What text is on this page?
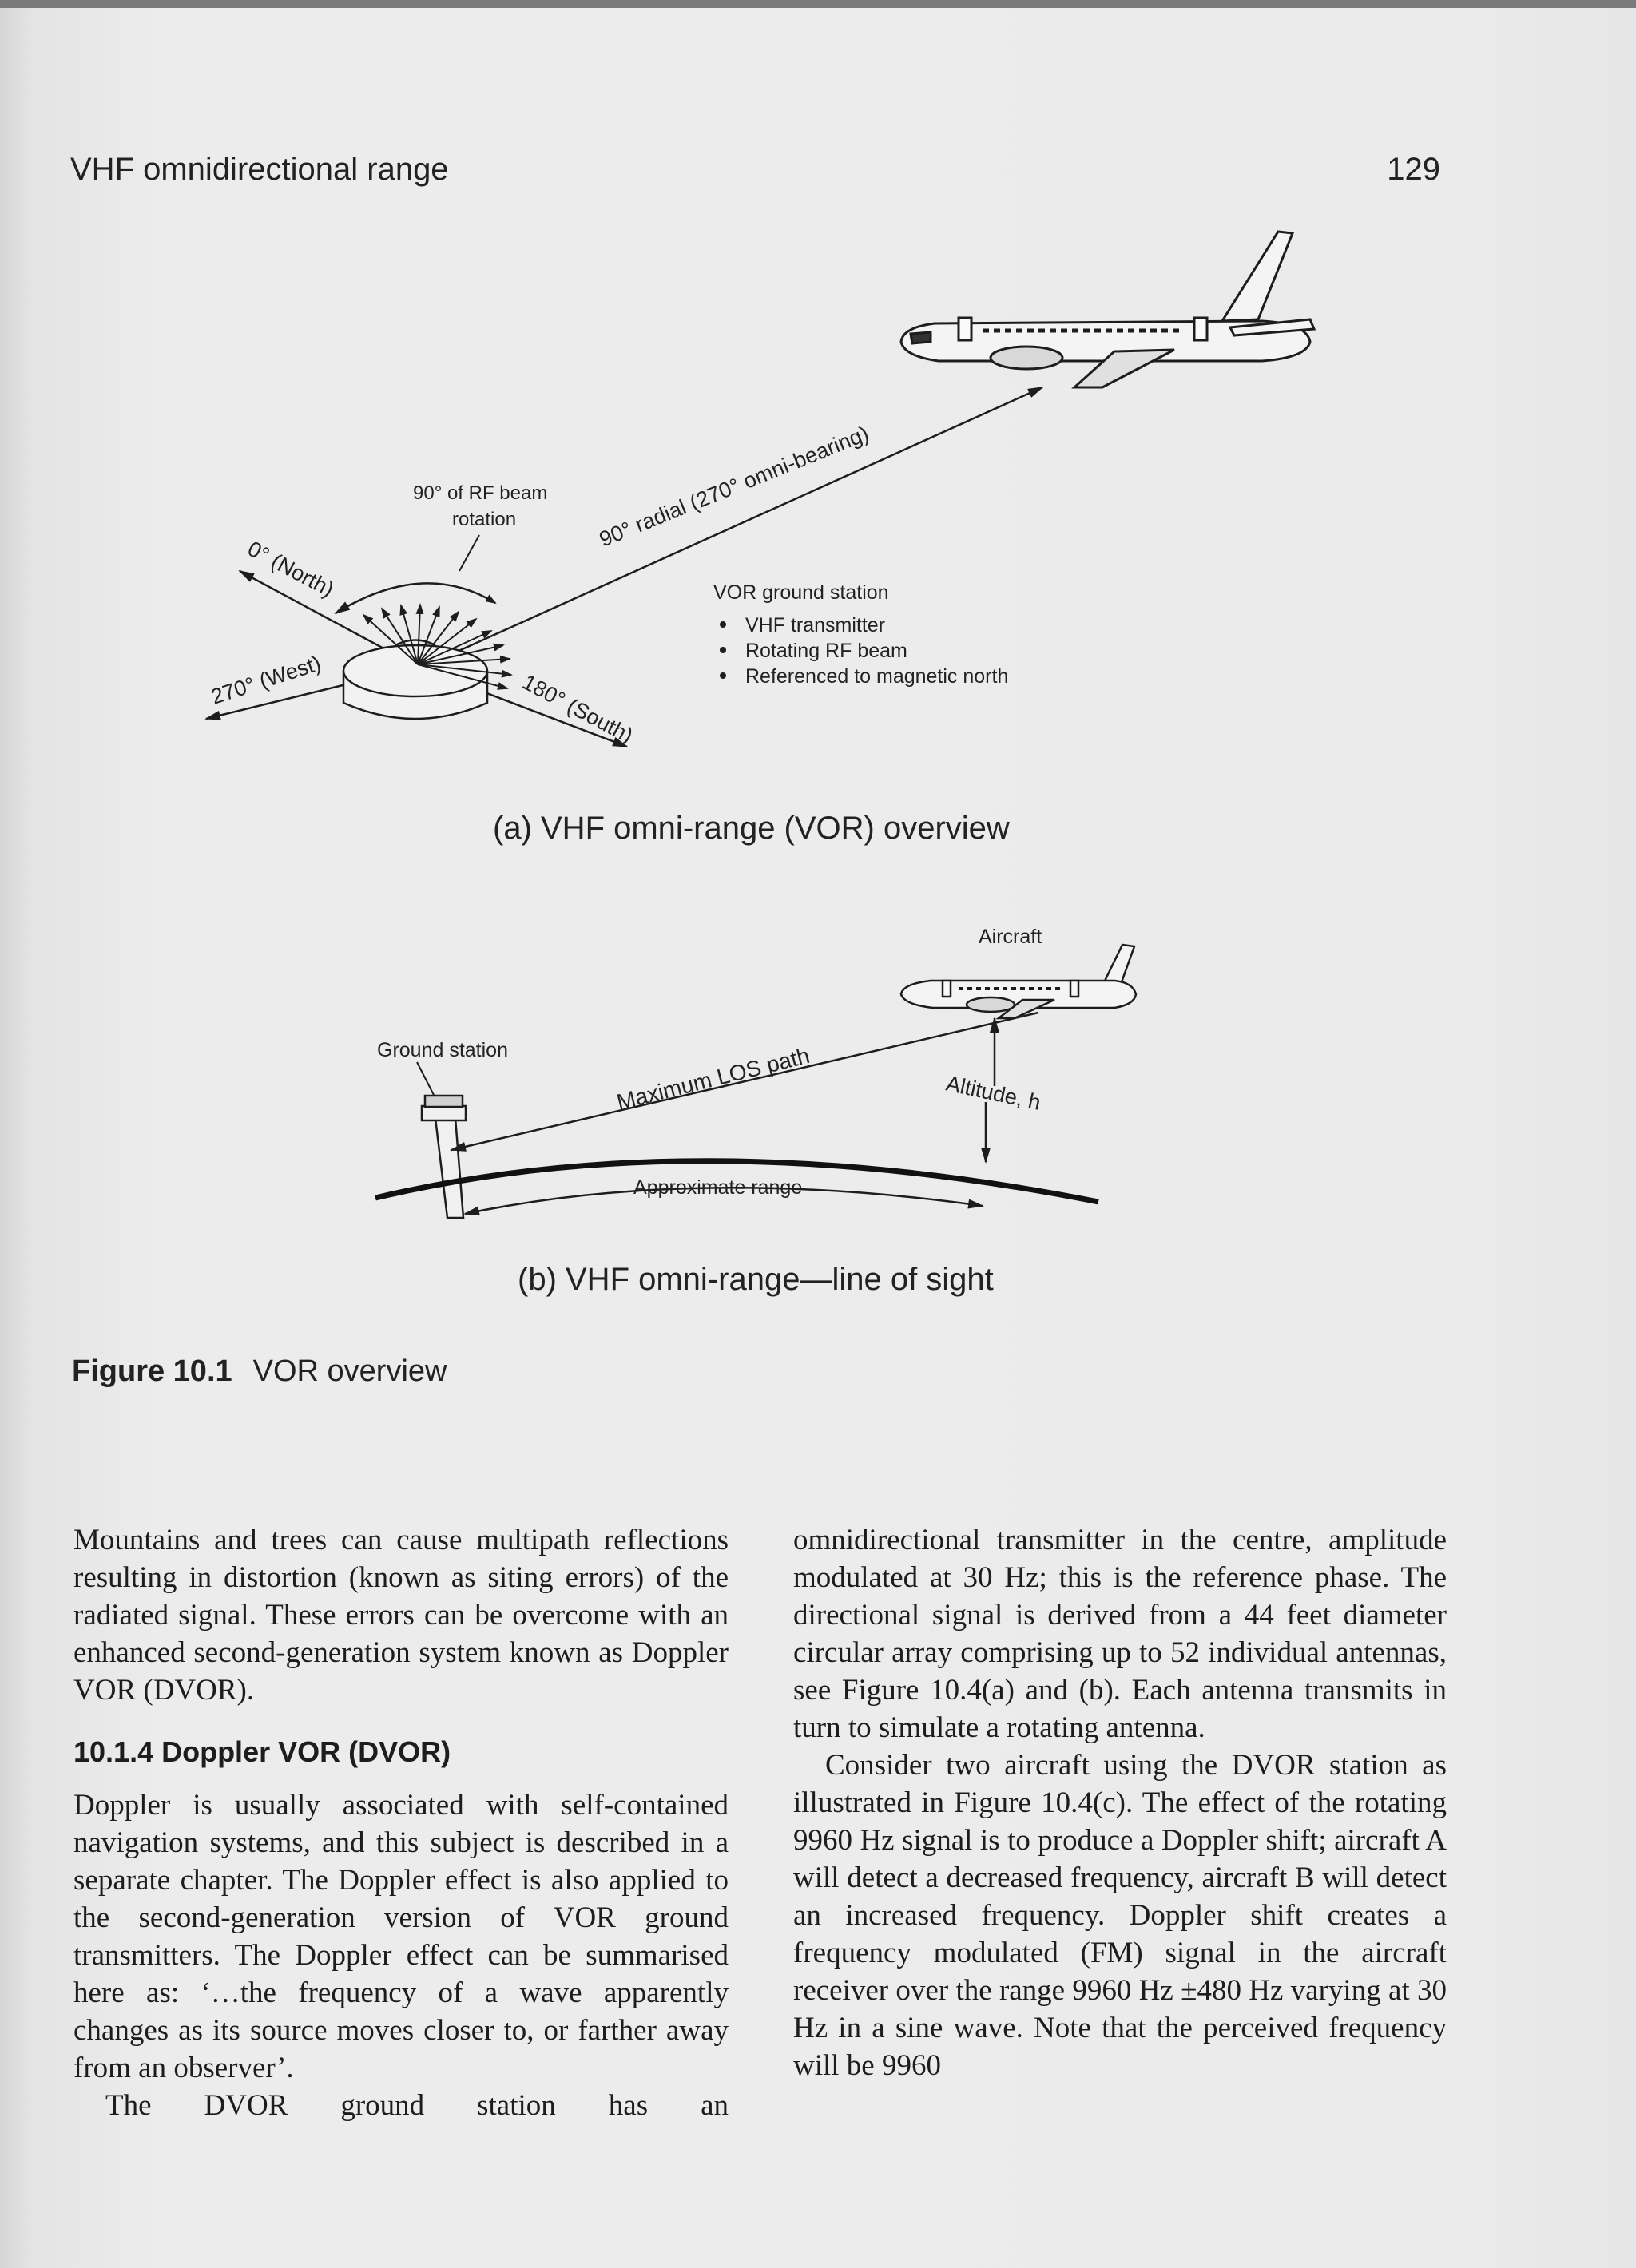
VHF omnidirectional range	129
90° radial (270° omni-bearing)
90° of RF beam
rotation
0° (North)
270° (West)	180° (South)
VOR ground station
VHF transmitter
Rotating RF beam
Referenced to magnetic north
Aircraft
Ground station	Maximum LOS path	Altitude, h
Approximate range
(a) VHF omni-range (VOR) overview
(b) VHF omni-range—line of sight
Figure 10.1 VOR overview

Mountains and trees can cause multipath reflections resulting in distortion (known as siting errors) of the radiated signal. These errors can be overcome with an enhanced second-generation system known as Doppler VOR (DVOR).

10.1.4 Doppler VOR (DVOR)

Doppler is usually associated with self-contained navigation systems, and this subject is described in a separate chapter. The Doppler effect is also applied to the second-generation version of VOR ground transmitters. The Doppler effect can be summarised here as: ‘…the frequency of a wave apparently changes as its source moves closer to, or farther away from an observer’.

The DVOR ground station has an

omnidirectional transmitter in the centre, amplitude modulated at 30 Hz; this is the reference phase. The directional signal is derived from a 44 feet diameter circular array comprising up to 52 individual antennas, see Figure 10.4(a) and (b). Each antenna transmits in turn to simulate a rotating antenna.

Consider two aircraft using the DVOR station as illustrated in Figure 10.4(c). The effect of the rotating 9960 Hz signal is to produce a Doppler shift; aircraft A will detect a decreased frequency, aircraft B will detect an increased frequency. Doppler shift creates a frequency modulated (FM) signal in the aircraft receiver over the range 9960 Hz ±480 Hz varying at 30 Hz in a sine wave. Note that the perceived frequency will be 9960
